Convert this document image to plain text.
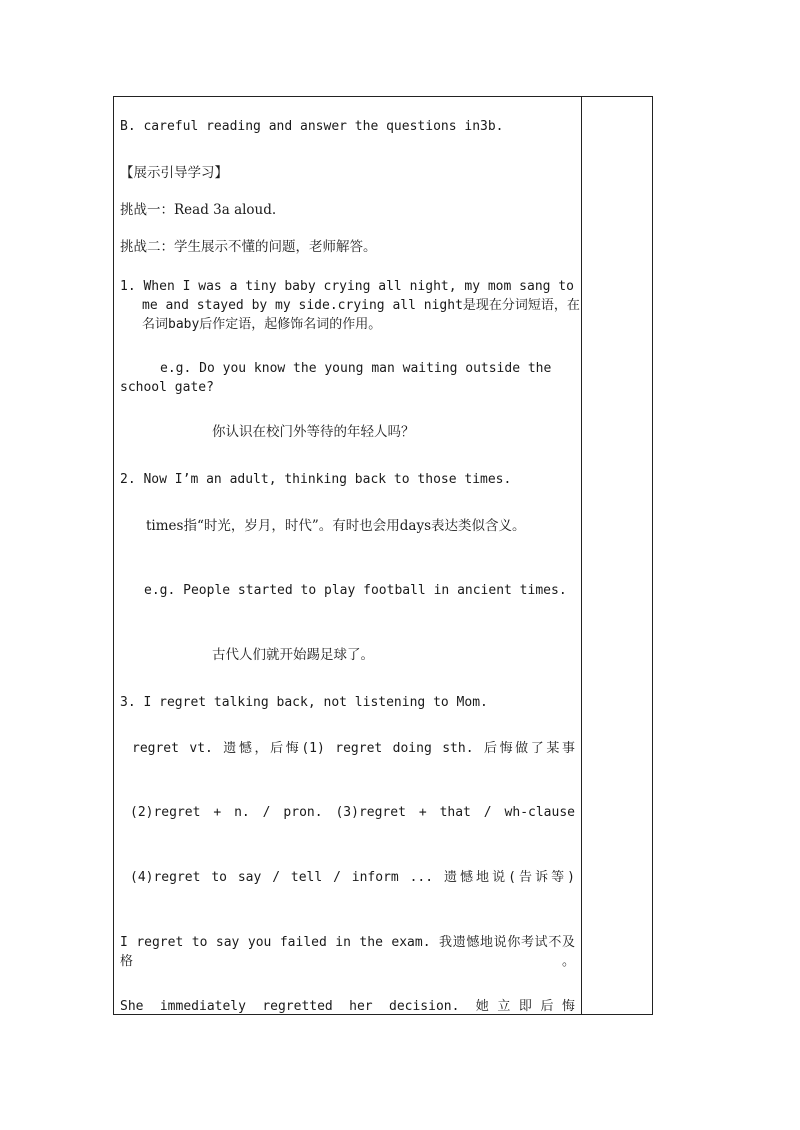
B. careful reading and answer the questions in3b.

【展示引导学习】

挑战一：Read 3a aloud.

挑战二：学生展示不懂的问题，老师解答。

1. When I was a tiny baby crying all night, my mom sang to me and stayed by my side.crying all night是现在分词短语，在名词baby后作定语，起修饰名词的作用。

e.g. Do you know the young man waiting outside the school gate?

你认识在校门外等待的年轻人吗？

2. Now I’m an adult, thinking back to those times.

times指“时光，岁月，时代”。有时也会用days表达类似含义。

e.g. People started to play football in ancient times.

古代人们就开始踢足球了。

3. I regret talking back, not listening to Mom.

regret vt. 遗憾，后悔(1) regret doing sth. 后悔做了某事

(2)regret + n. / pron. (3)regret + that / wh-clause

(4)regret to say / tell / inform ... 遗憾地说(告诉等)

I regret to say you failed in the exam. 我遗憾地说你考试不及格。

She immediately regretted her decision. 她立即后悔
